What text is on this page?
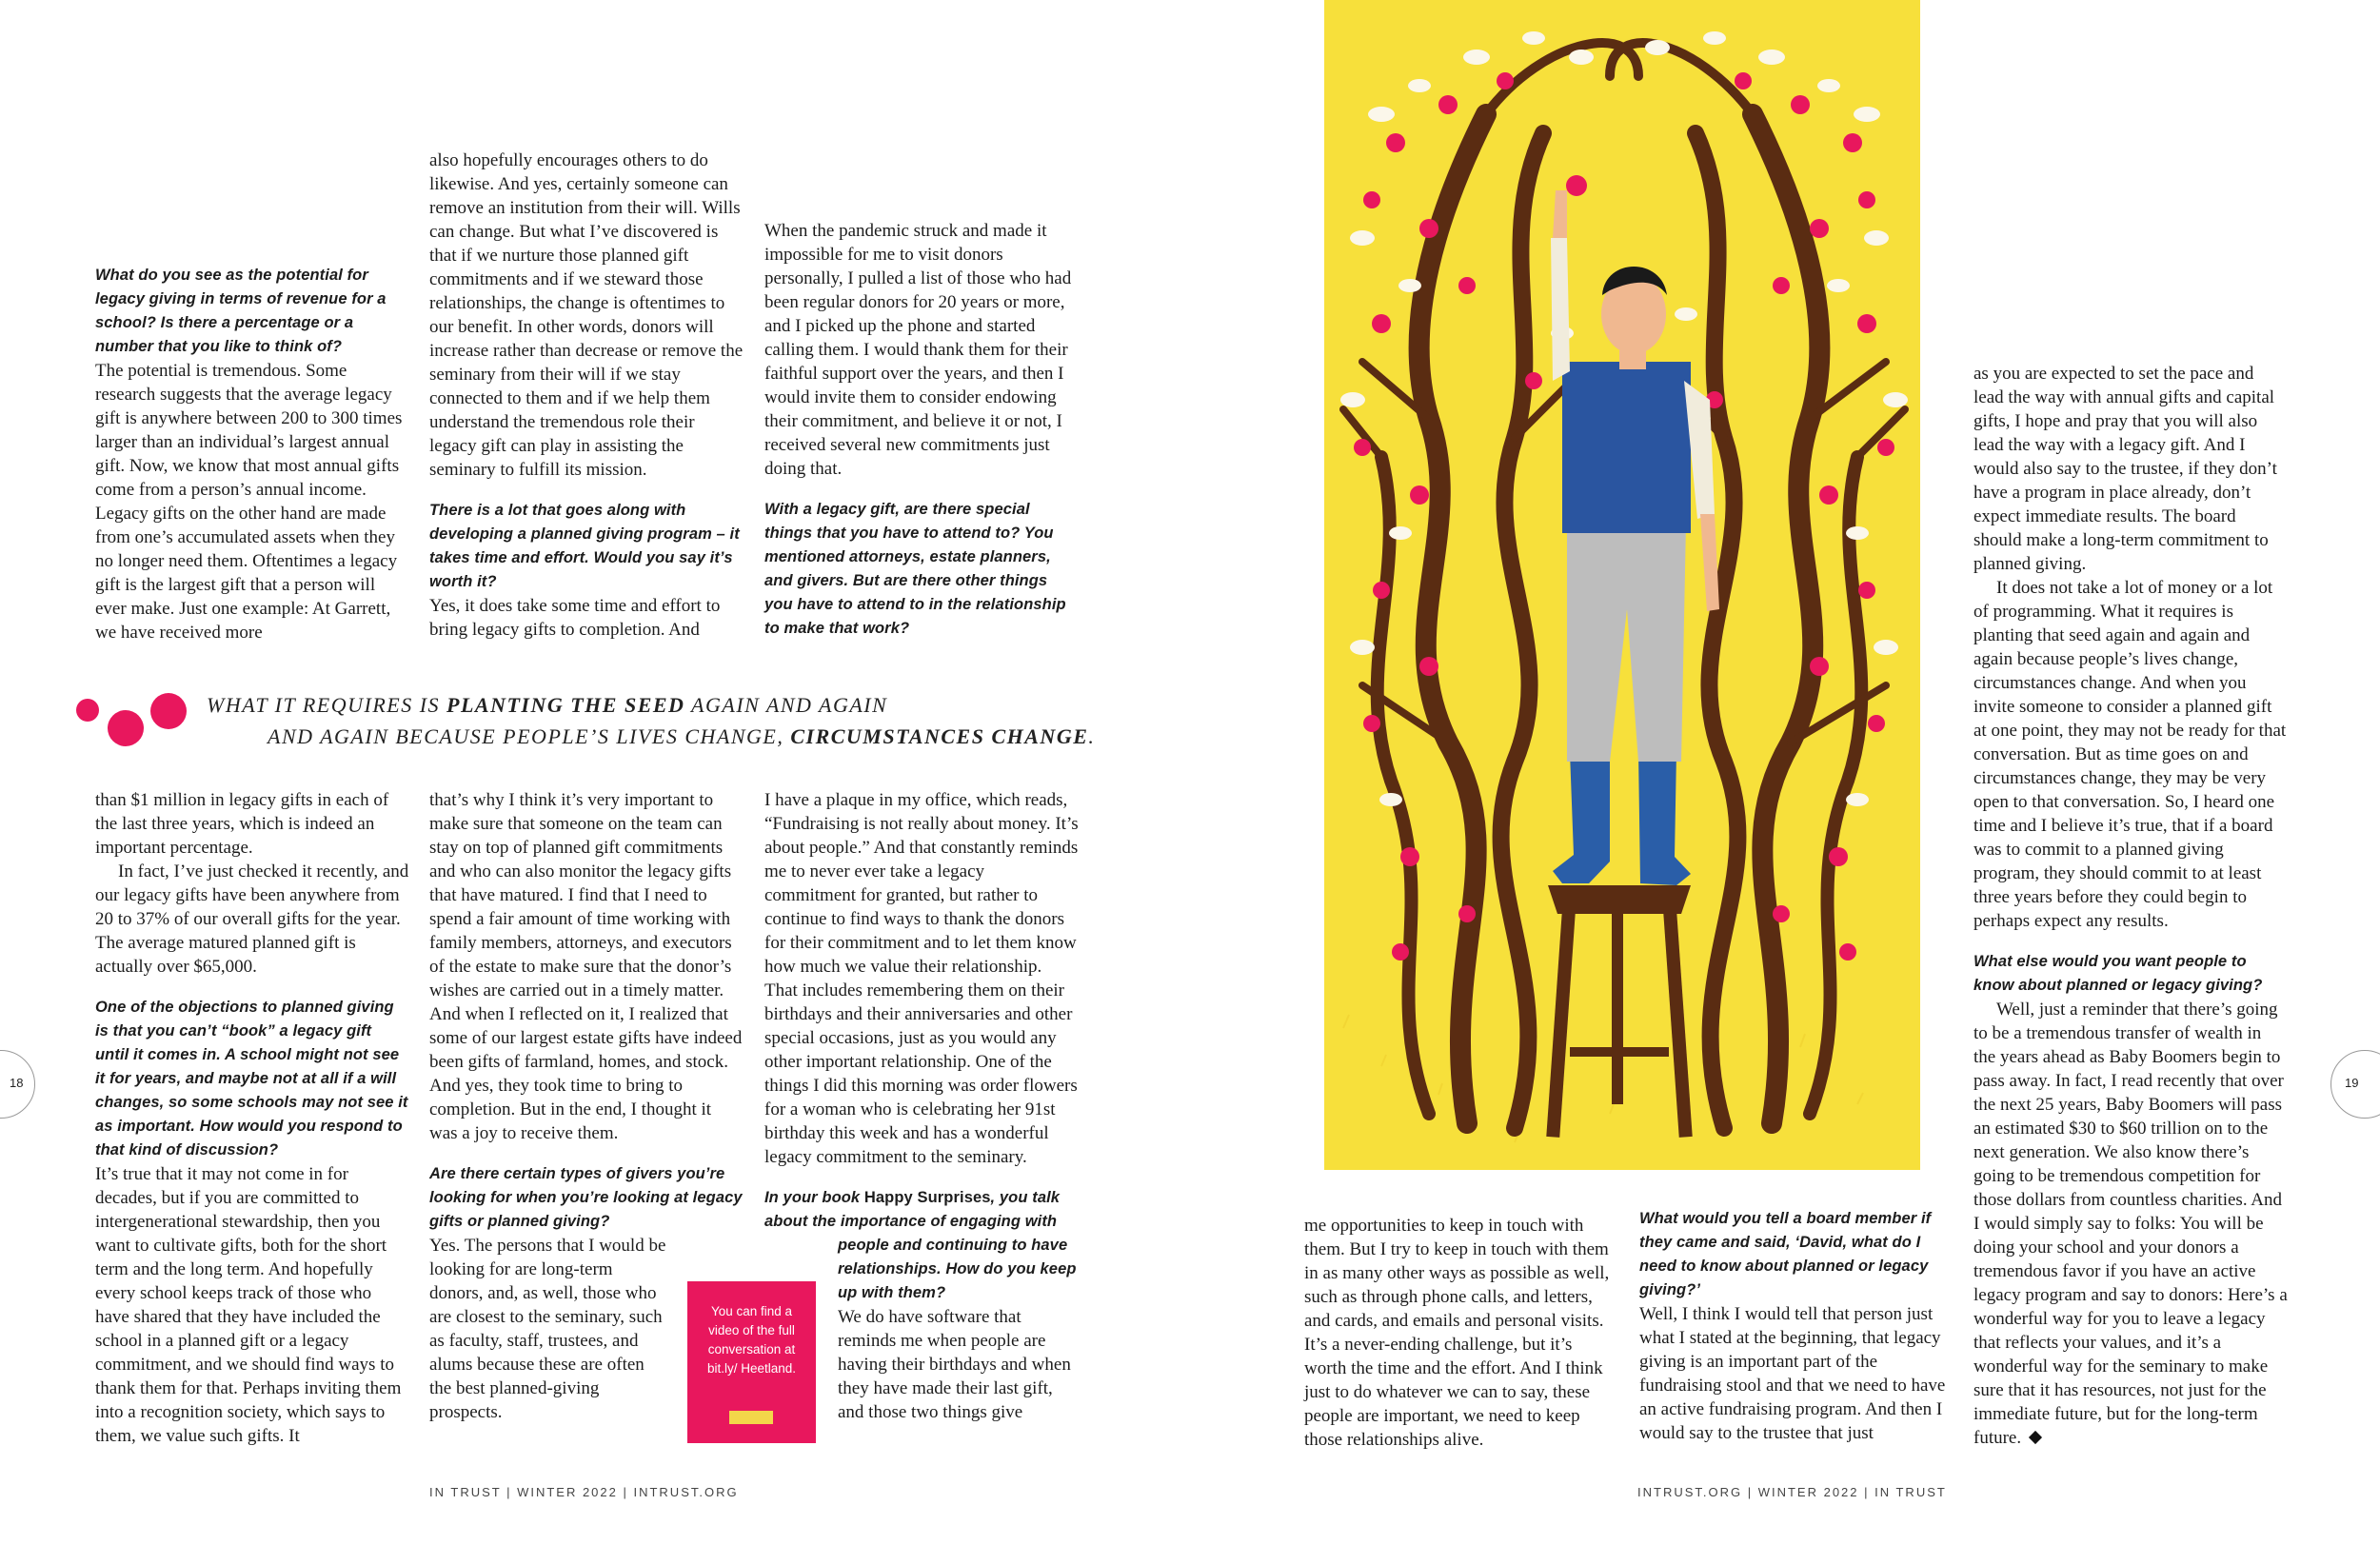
What do you see as the potential for legacy giving in terms of revenue for a school? Is there a percentage or a number that you like to think of?

The potential is tremendous. Some research suggests that the average legacy gift is anywhere between 200 to 300 times larger than an individual’s largest annual gift. Now, we know that most annual gifts come from a person’s annual income. Legacy gifts on the other hand are made from one’s accumulated assets when they no longer need them. Oftentimes a legacy gift is the largest gift that a person will ever make. Just one example: At Garrett, we have received more

also hopefully encourages others to do likewise. And yes, certainly someone can remove an institution from their will. Wills can change. But what I’ve discovered is that if we nurture those planned gift commitments and if we steward those relationships, the change is oftentimes to our benefit. In other words, donors will increase rather than decrease or remove the seminary from their will if we stay connected to them and if we help them understand the tremendous role their legacy gift can play in assisting the seminary to fulfill its mission.

There is a lot that goes along with developing a planned giving program – it takes time and effort. Would you say it’s worth it?

Yes, it does take some time and effort to bring legacy gifts to completion. And

When the pandemic struck and made it impossible for me to visit donors personally, I pulled a list of those who had been regular donors for 20 years or more, and I picked up the phone and started calling them. I would thank them for their faithful support over the years, and then I would invite them to consider endowing their commitment, and believe it or not, I received several new commitments just doing that.

With a legacy gift, are there special things that you have to attend to? You mentioned attorneys, estate planners, and givers. But are there other things you have to attend to in the relationship to make that work?

WHAT IT REQUIRES IS PLANTING THE SEED AGAIN AND AGAIN
AND AGAIN BECAUSE PEOPLE’S LIVES CHANGE, CIRCUMSTANCES CHANGE.

than $1 million in legacy gifts in each of the last three years, which is indeed an important percentage.

In fact, I’ve just checked it recently, and our legacy gifts have been anywhere from 20 to 37% of our overall gifts for the year. The average matured planned gift is actually over $65,000.

One of the objections to planned giving is that you can’t “book” a legacy gift until it comes in. A school might not see it for years, and maybe not at all if a will changes, so some schools may not see it as important. How would you respond to that kind of discussion?

It’s true that it may not come in for decades, but if you are committed to intergenerational stewardship, then you want to cultivate gifts, both for the short term and the long term. And hopefully every school keeps track of those who have shared that they have included the school in a planned gift or a legacy commitment, and we should find ways to thank them for that. Perhaps inviting them into a recognition society, which says to them, we value such gifts. It

that’s why I think it’s very important to make sure that someone on the team can stay on top of planned gift commitments and who can also monitor the legacy gifts that have matured. I find that I need to spend a fair amount of time working with family members, attorneys, and executors of the estate to make sure that the donor’s wishes are carried out in a timely matter. And when I reflected on it, I realized that some of our largest estate gifts have indeed been gifts of farmland, homes, and stock. And yes, they took time to bring to completion. But in the end, I thought it was a joy to receive them.

Are there certain types of givers you’re looking for when you’re looking at legacy gifts or planned giving?

Yes. The persons that I would be looking for are long-term donors, and, as well, those who are closest to the seminary, such as faculty, staff, trustees, and alums because these are often the best planned-giving prospects.

I have a plaque in my office, which reads, “Fundraising is not really about money. It’s about people.” And that constantly reminds me to never ever take a legacy commitment for granted, but rather to continue to find ways to thank the donors for their commitment and to let them know how much we value their relationship. That includes remembering them on their birthdays and their anniversaries and other special occasions, just as you would any other important relationship. One of the things I did this morning was order flowers for a woman who is celebrating her 91st birthday this week and has a wonderful legacy commitment to the seminary.

In your book Happy Surprises, you talk about the importance of engaging with

people and continuing to have relationships. How do you keep up with them?

We do have software that reminds me when people are having their birthdays and when they have made their last gift, and those two things give

You can find a video of the full conversation at bit.ly/ Heetland.
18
IN TRUST | WINTER 2022 | INTRUST.ORG

me opportunities to keep in touch with them. But I try to keep in touch with them in as many other ways as possible as well, such as through phone calls, and letters, and cards, and emails and personal visits. It’s a never-ending challenge, but it’s worth the time and the effort. And I think just to do whatever we can to say, these people are important, we need to keep those relationships alive.

What would you tell a board member if they came and said, ‘David, what do I need to know about planned or legacy giving?’

Well, I think I would tell that person just what I stated at the beginning, that legacy giving is an important part of the fundraising stool and that we need to have an active fundraising program. And then I would say to the trustee that just

as you are expected to set the pace and lead the way with annual gifts and capital gifts, I hope and pray that you will also lead the way with a legacy gift. And I would also say to the trustee, if they don’t have a program in place already, don’t expect immediate results. The board should make a long-term commitment to planned giving.

It does not take a lot of money or a lot of programming. What it requires is planting that seed again and again and again because people’s lives change, circumstances change. And when you invite someone to consider a planned gift at one point, they may not be ready for that conversation. But as time goes on and circumstances change, they may be very open to that conversation. So, I heard one time and I believe it’s true, that if a board was to commit to a planned giving program, they should commit to at least three years before they could begin to perhaps expect any results.

What else would you want people to know about planned or legacy giving?

Well, just a reminder that there’s going to be a tremendous transfer of wealth in the years ahead as Baby Boomers begin to pass away. In fact, I read recently that over the next 25 years, Baby Boomers will pass an estimated $30 to $60 trillion on to the next generation. We also know there’s going to be tremendous competition for those dollars from countless charities. And I would simply say to folks: You will be doing your school and your donors a tremendous favor if you have an active legacy program and say to donors: Here’s a wonderful way for you to leave a legacy that reflects your values, and it’s a wonderful way for the seminary to make sure that it has resources, not just for the immediate future, but for the long-term future.

19
INTRUST.ORG | WINTER 2022 | IN TRUST
